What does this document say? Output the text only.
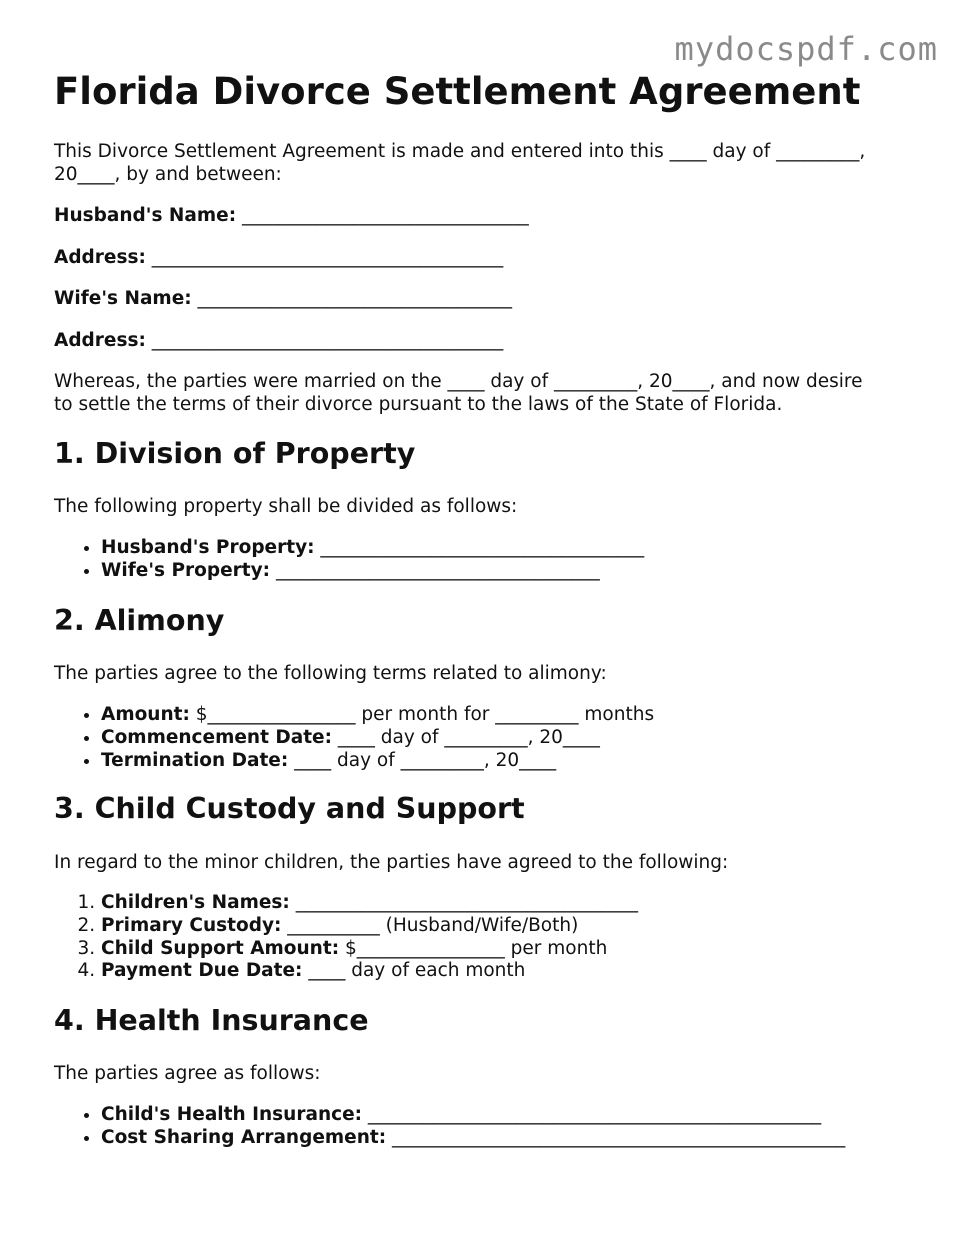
mydocspdf.com
Florida Divorce Settlement Agreement

This Divorce Settlement Agreement is made and entered into this ____ day of _________,
20____, by and between:

Husband's Name: _______________________________
Address: ______________________________________
Wife's Name: __________________________________
Address: ______________________________________

Whereas, the parties were married on the ____ day of _________, 20____, and now desire
to settle the terms of their divorce pursuant to the laws of the State of Florida.

1. Division of Property

The following property shall be divided as follows:

• Husband's Property: ___________________________________
• Wife's Property: ___________________________________
2. Alimony

The parties agree to the following terms related to alimony:

• Amount: $________________ per month for _________ months
• Commencement Date: ____ day of _________, 20____
• Termination Date: ____ day of _________, 20____
3. Child Custody and Support

In regard to the minor children, the parties have agreed to the following:

1. Children's Names: _____________________________________
2. Primary Custody: __________ (Husband/Wife/Both)
3. Child Support Amount: $________________ per month
4. Payment Due Date: ____ day of each month
4. Health Insurance

The parties agree as follows:

• Child's Health Insurance: _________________________________________________
• Cost Sharing Arrangement: _________________________________________________
